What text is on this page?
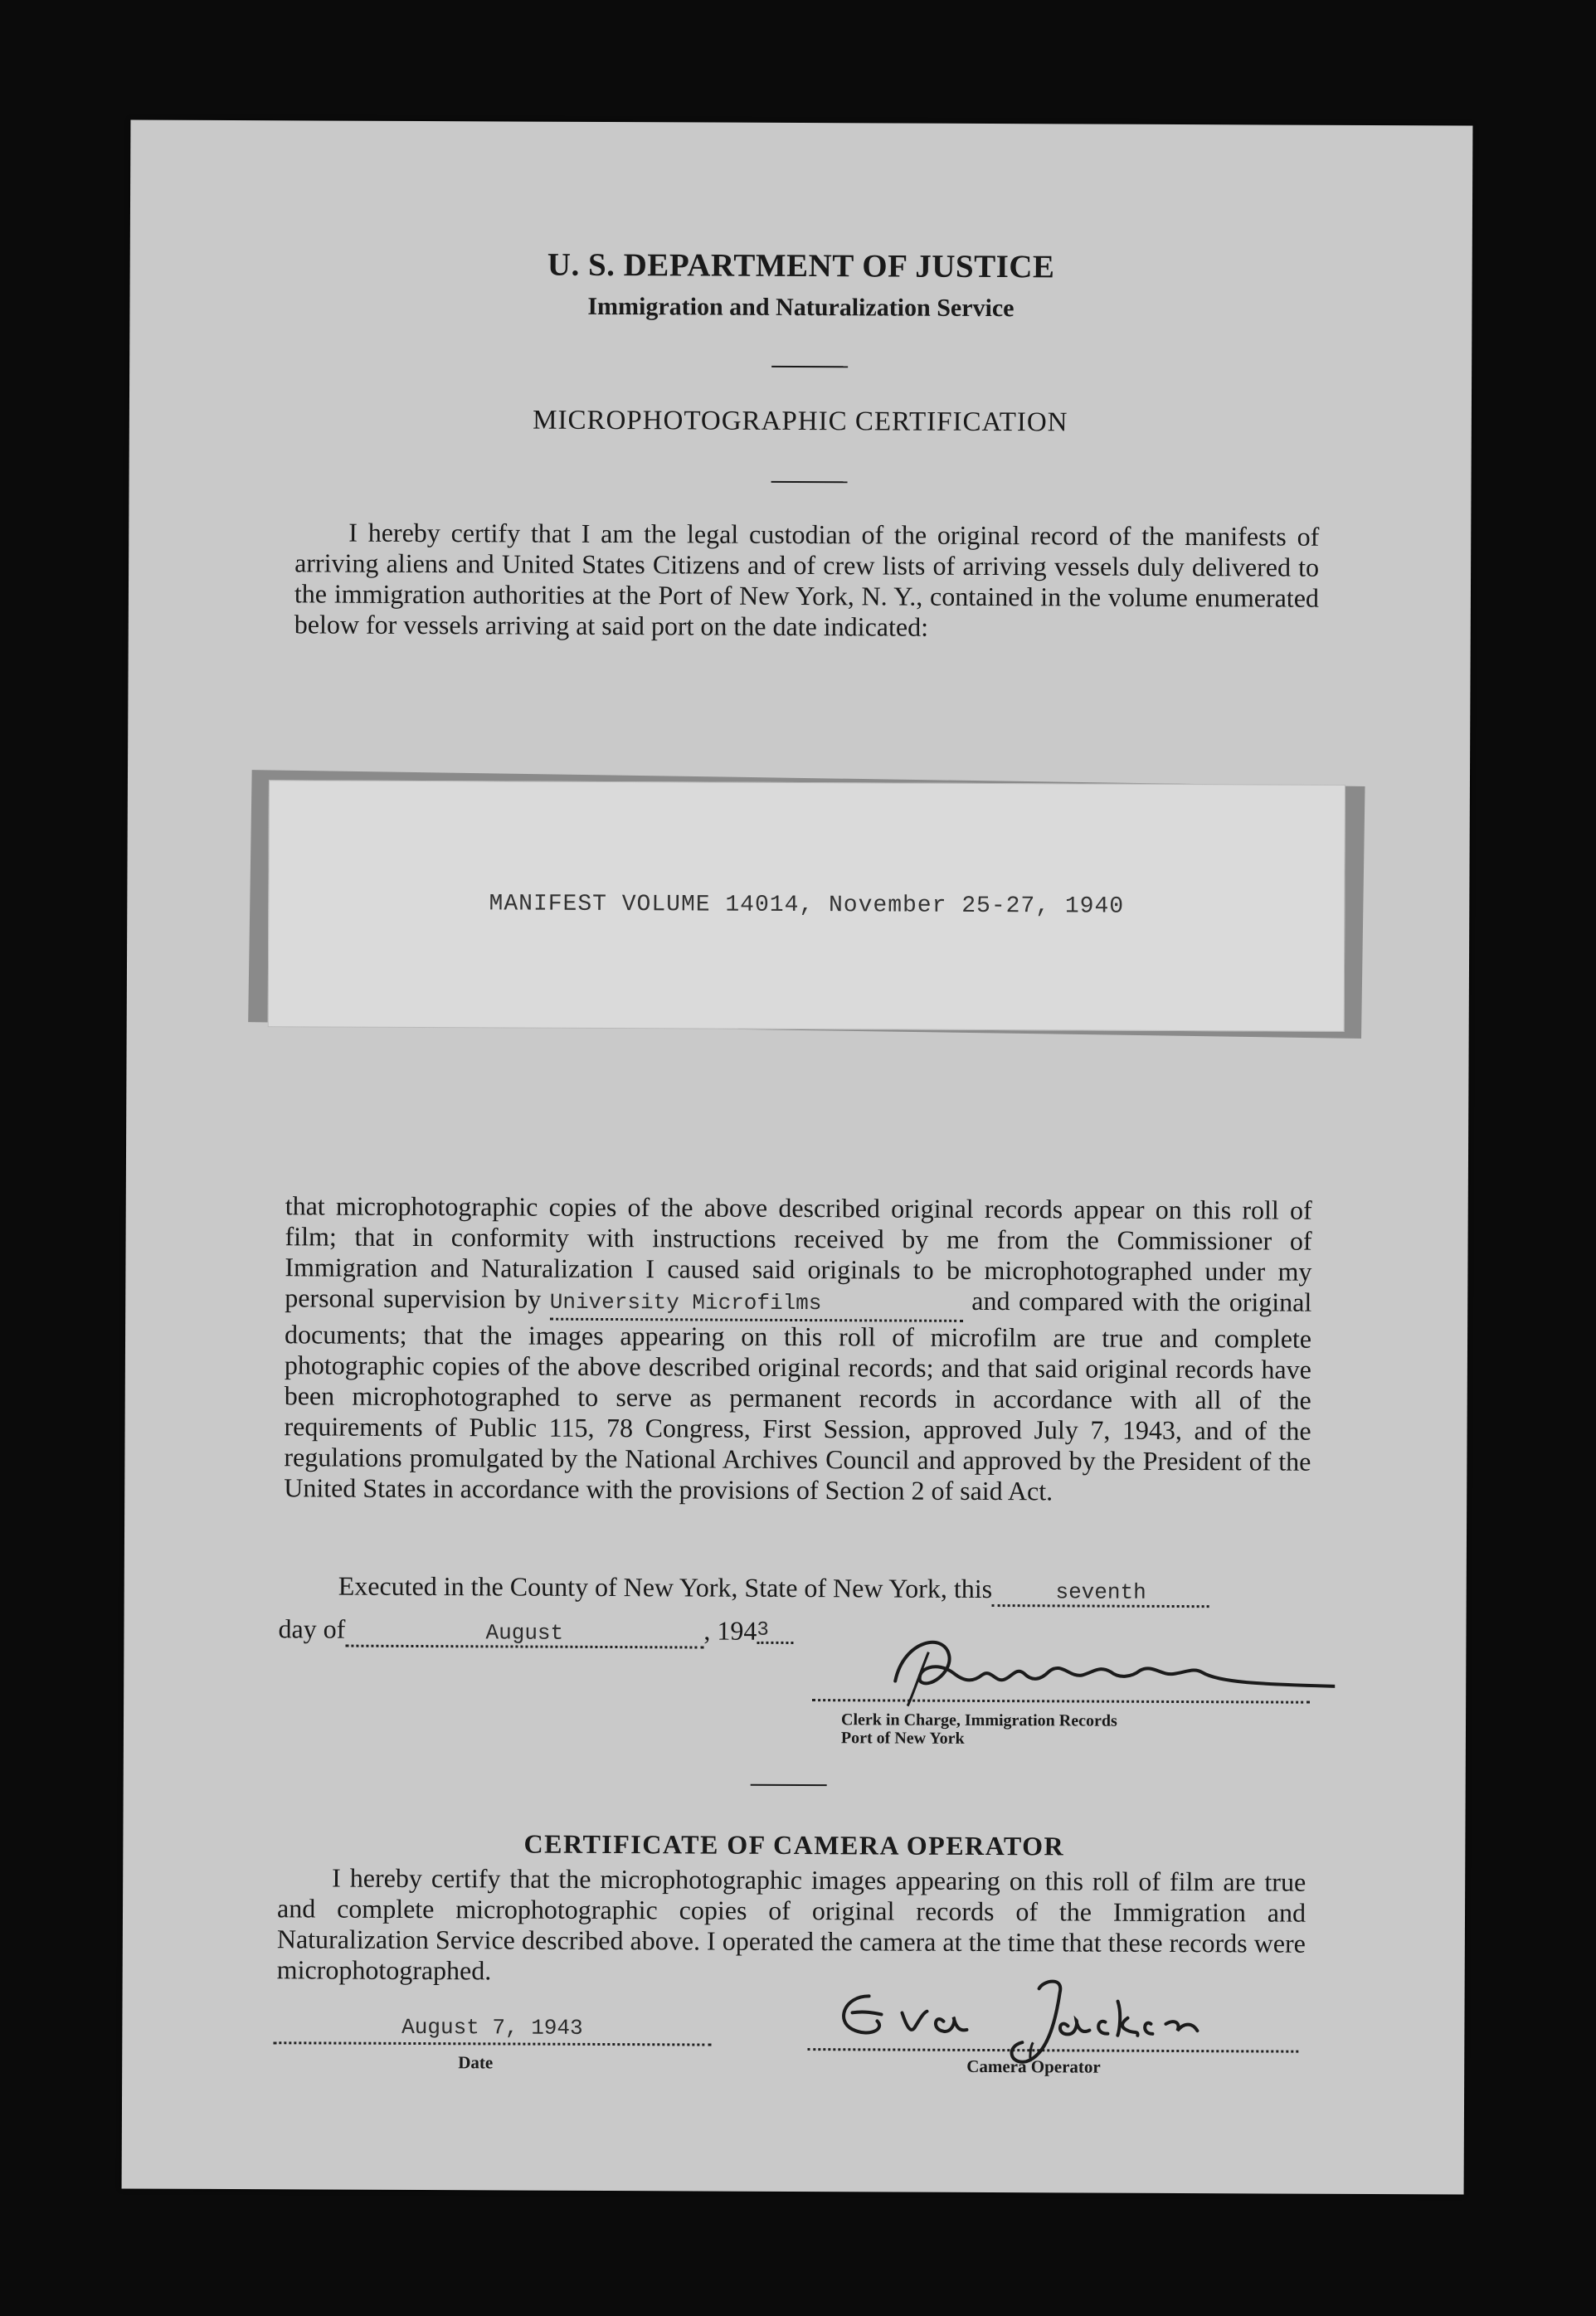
U. S. DEPARTMENT OF JUSTICE
Immigration and Naturalization Service
MICROPHOTOGRAPHIC CERTIFICATION
I hereby certify that I am the legal custodian of the original record of the manifests of arriving aliens and United States Citizens and of crew lists of arriving vessels duly delivered to the immigration authorities at the Port of New York, N. Y., contained in the volume enumerated below for vessels arriving at said port on the date indicated:
MANIFEST VOLUME 14014, November 25-27, 1940
that microphotographic copies of the above described original records appear on this roll of film; that in conformity with instructions received by me from the Commissioner of Immigration and Naturalization I caused said originals to be microphotographed under my personal supervision by University Microfilms	and compared with the original documents; that the images appearing on this roll of microfilm are true and complete photographic copies of the above described original records; and that said original records have been microphotographed to serve as permanent records in accordance with all of the requirements of Public 115, 78 Congress, First Session, approved July 7, 1943, and of the regulations promulgated by the National Archives Council and approved by the President of the United States in accordance with the provisions of Section 2 of said Act.
Executed in the County of New York, State of New York, this	seventh
day of	August	, 1943
Clerk in Charge, Immigration Records
Port of New York
CERTIFICATE OF CAMERA OPERATOR
I hereby certify that the microphotographic images appearing on this roll of film are true and complete microphotographic copies of original records of the Immigration and Naturalization Service described above. I operated the camera at the time that these records were microphotographed.
August 7, 1943
Date	Camera Operator
